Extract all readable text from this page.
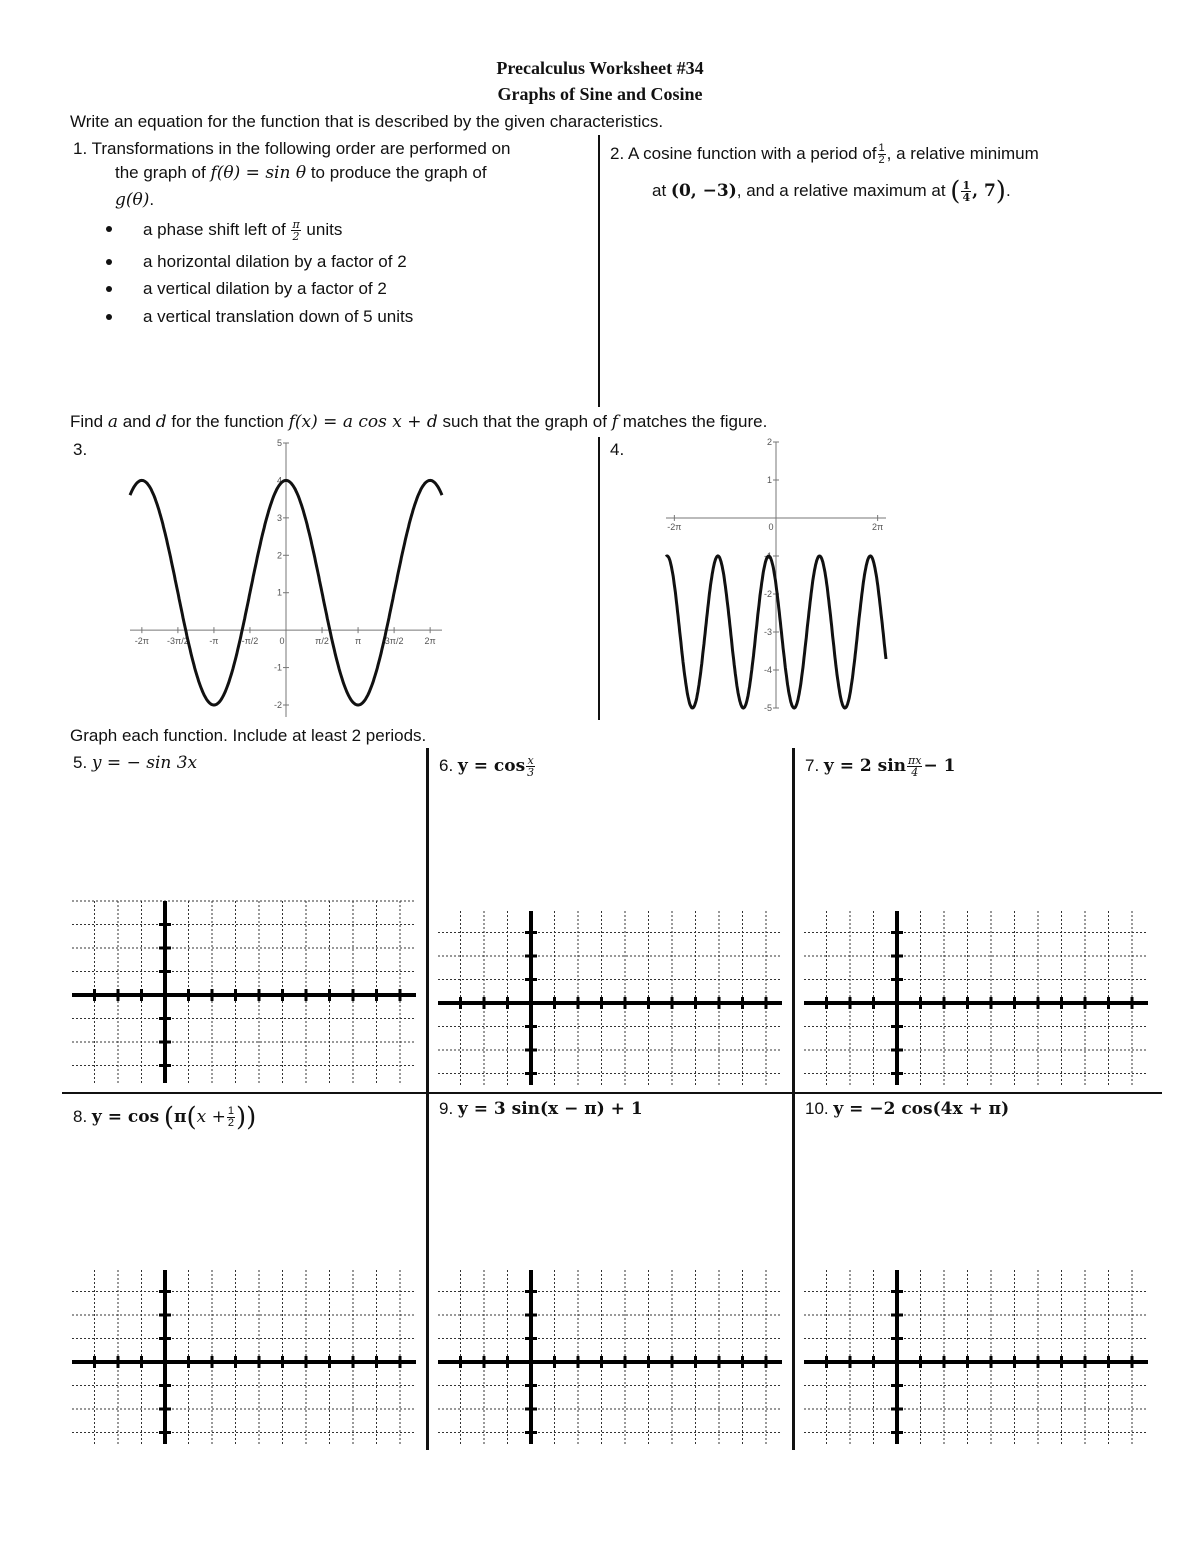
Precalculus Worksheet #34
Graphs of Sine and Cosine
Write an equation for the function that is described by the given characteristics.
1. Transformations in the following order are performed on
the graph of f(θ) = sin θ to produce the graph of
g(θ).
a phase shift left of $\frac{\pi}{2}$ units
a horizontal dilation by a factor of 2
a vertical dilation by a factor of 2
a vertical translation down of 5 units
2. A cosine function with a period of $\frac{1}{2}$ , a relative minimum
at (0, −3), and a relative maximum at ( $\frac{1}{4}$ , 7).
Find a and d for the function f(x) = a cos x + d such that the graph of f matches the figure.
3.	4.
-2π -3π/2 -π	-π/2 0	π/2	π	3π/2 2π
-2
-1
1
2
3
4
5
-2π	0	2π
2
1
-1
-2
-3
-4
-5
Graph each function. Include at least 2 periods.
5. y = − sin 3x	6. $y = \cos \frac{x}{3}$	7. y = 2 $\sin \frac{\pi x}{4} - 1$
8. $y = \cos (\pi(x + \frac{1}{2}$ ))	9. y = 3 sin(x − π) + 1	10. y = −2 cos(4x + π)
